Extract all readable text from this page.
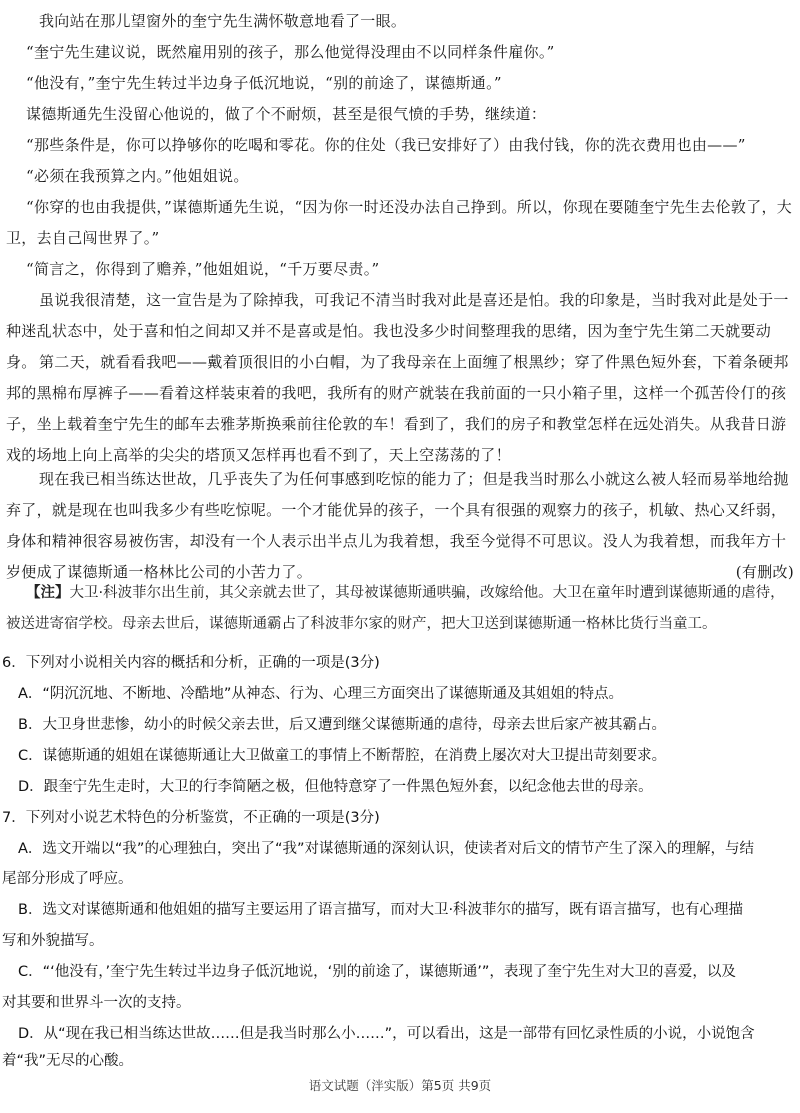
我向站在那儿望窗外的奎宁先生满怀敬意地看了一眼。
“奎宁先生建议说，既然雇用别的孩子，那么他觉得没理由不以同样条件雇你。”
“他没有，”奎宁先生转过半边身子低沉地说，“别的前途了，谋德斯通。”
谋德斯通先生没留心他说的，做了个不耐烦，甚至是很气愤的手势，继续道：
“那些条件是，你可以挣够你的吃喝和零花。你的住处（我已安排好了）由我付钱，你的洗衣费用也由——”
“必须在我预算之内。”他姐姐说。
“你穿的也由我提供，”谋德斯通先生说，“因为你一时还没办法自己挣到。所以，你现在要随奎宁先生去伦敦了，大卫，去自己闯世界了。”
“简言之，你得到了赡养，”他姐姐说，“千万要尽责。”
虽说我很清楚，这一宣告是为了除掉我，可我记不清当时我对此是喜还是怕。我的印象是，当时我对此是处于一种迷乱状态中，处于喜和怕之间却又并不是喜或是怕。我也没多少时间整理我的思绪，因为奎宁先生第二天就要动身。 第二天，就看看我吧——戴着顶很旧的小白帽，为了我母亲在上面缠了根黑纱；穿了件黑色短外套，下着条硬邦邦的黑棉布厚裤子——看着这样装束着的我吧，我所有的财产就装在我前面的一只小箱子里，这样一个孤苦伶仃的孩子，坐上载着奎宁先生的邮车去雅茅斯换乘前往伦敦的车！看到了，我们的房子和教堂怎样在远处消失。从我昔日游戏的场地上向上高举的尖尖的塔顶又怎样再也看不到了，天上空荡荡的了！
现在我已相当练达世故，几乎丧失了为任何事感到吃惊的能力了；但是我当时那么小就这么被人轻而易举地给抛弃了，就是现在也叫我多少有些吃惊呢。一个才能优异的孩子，一个具有很强的观察力的孩子，机敏、热心又纤弱，身体和精神很容易被伤害，却没有一个人表示出半点儿为我着想，我至今觉得不可思议。没人为我着想，而我年方十岁便成了谋德斯通一格林比公司的小苦力了。	(有删改)
【注】大卫·科波菲尔出生前，其父亲就去世了，其母被谋德斯通哄骗，改嫁给他。大卫在童年时遭到谋德斯通的虐待，被送进寄宿学校。母亲去世后，谋德斯通霸占了科波菲尔家的财产，把大卫送到谋德斯通一格林比货行当童工。
6．下列对小说相关内容的概括和分析，正确的一项是(3分)
A．“阴沉沉地、不断地、冷酷地”从神态、行为、心理三方面突出了谋德斯通及其姐姐的特点。
B．大卫身世悲惨，幼小的时候父亲去世，后又遭到继父谋德斯通的虐待，母亲去世后家产被其霸占。
C．谋德斯通的姐姐在谋德斯通让大卫做童工的事情上不断帮腔，在消费上屡次对大卫提出苛刻要求。
D．跟奎宁先生走时，大卫的行李简陋之极，但他特意穿了一件黑色短外套，以纪念他去世的母亲。
7．下列对小说艺术特色的分析鉴赏，不正确的一项是(3分)
A．选文开端以“我”的心理独白，突出了“我”对谋德斯通的深刻认识，使读者对后文的情节产生了深入的理解，与结
尾部分形成了呼应。
B．选文对谋德斯通和他姐姐的描写主要运用了语言描写，而对大卫·科波菲尔的描写，既有语言描写，也有心理描
写和外貌描写。
C．“‘他没有，’奎宁先生转过半边身子低沉地说，‘别的前途了，谋德斯通’”，表现了奎宁先生对大卫的喜爱，以及
对其要和世界斗一次的支持。
D．从“现在我已相当练达世故……但是我当时那么小……”，可以看出，这是一部带有回忆录性质的小说，小说饱含
着“我”无尽的心酸。
语文试题（泮实版）第5页 共9页
